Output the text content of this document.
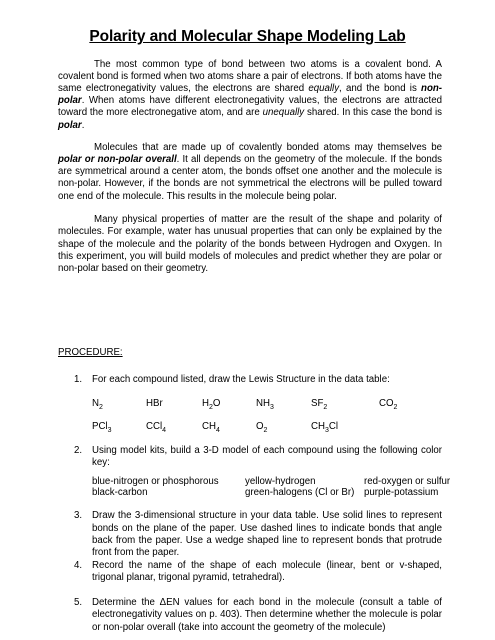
Polarity and Molecular Shape Modeling Lab

The most common type of bond between two atoms is a covalent bond. A covalent bond is formed when two atoms share a pair of electrons. If both atoms have the same electronegativity values, the electrons are shared equally, and the bond is non-polar. When atoms have different electronegativity values, the electrons are attracted toward the more electronegative atom, and are unequally shared. In this case the bond is polar.

Molecules that are made up of covalently bonded atoms may themselves be polar or non-polar overall. It all depends on the geometry of the molecule. If the bonds are symmetrical around a center atom, the bonds offset one another and the molecule is non-polar. However, if the bonds are not symmetrical the electrons will be pulled toward one end of the molecule. This results in the molecule being polar.

Many physical properties of matter are the result of the shape and polarity of molecules. For example, water has unusual properties that can only be explained by the shape of the molecule and the polarity of the bonds between Hydrogen and Oxygen. In this experiment, you will build models of molecules and predict whether they are polar or non-polar based on their geometry.

PROCEDURE:

1. For each compound listed, draw the Lewis Structure in the data table:
$N_2$	HBr	$H_2O$	$NH_3$	$SF_2$	$CO_2$
PCl$_3$	CCl$_4$	$CH_4$	$O_2$	$CH_3Cl$
2. Using model kits, build a 3-D model of each compound using the following color key:
blue-nitrogen or phosphorous	yellow-hydrogen	red-oxygen or sulfur
black-carbon	green-halogens (Cl or Br) purple-potassium
3. Draw the 3-dimensional structure in your data table. Use solid lines to represent bonds on the plane of the paper. Use dashed lines to indicate bonds that angle back from the paper. Use a wedge shaped line to represent bonds that protrude front from the paper.
4. Record the name of the shape of each molecule (linear, bent or v-shaped, trigonal planar, trigonal pyramid, tetrahedral).
5. Determine the ΔEN values for each bond in the molecule (consult a table of electronegativity values on p. 403). Then determine whether the molecule is polar or non-polar overall (take into account the geometry of the molecule)
